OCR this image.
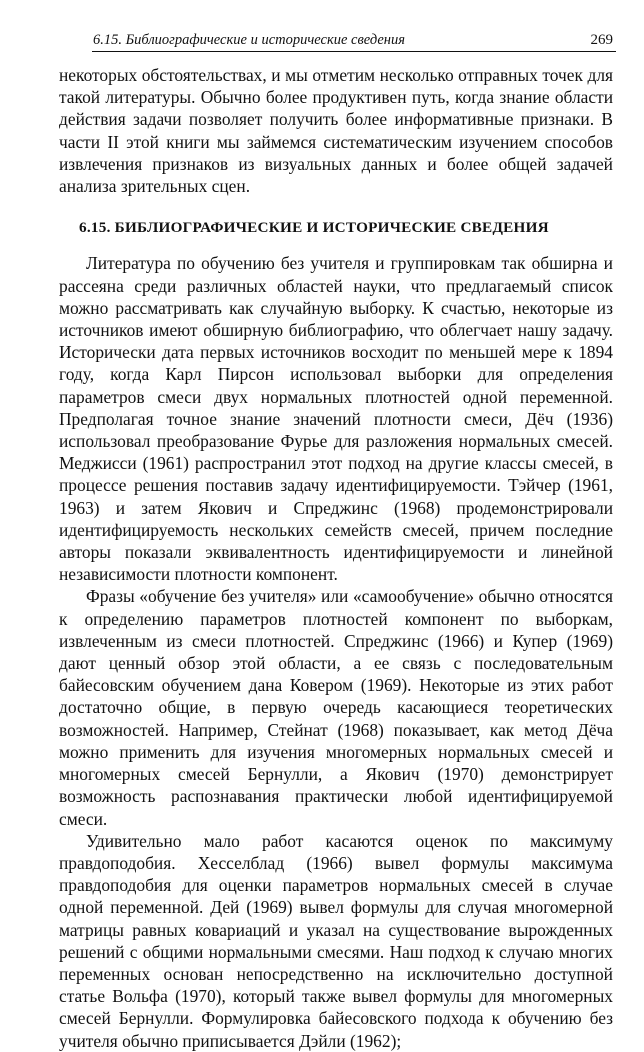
6.15. Библиографические и исторические сведения	269

некоторых обстоятельствах, и мы отметим несколько отправных точек для такой литературы. Обычно более продуктивен путь, когда знание области действия задачи позволяет получить более информативные признаки. В части II этой книги мы займемся систематическим изучением способов извлечения признаков из визуальных данных и более общей задачей анализа зрительных сцен.

6.15. БИБЛИОГРАФИЧЕСКИЕ И ИСТОРИЧЕСКИЕ СВЕДЕНИЯ

Литература по обучению без учителя и группировкам так обширна и рассеяна среди различных областей науки, что предлагаемый список можно рассматривать как случайную выборку. К счастью, некоторые из источников имеют обширную библиографию, что облегчает нашу задачу. Исторически дата первых источников восходит по меньшей мере к 1894 году, когда Карл Пирсон использовал выборки для определения параметров смеси двух нормальных плотностей одной переменной. Предполагая точное знание значений плотности смеси, Дёч (1936) использовал преобразование Фурье для разложения нормальных смесей. Меджисси (1961) распространил этот подход на другие классы смесей, в процессе решения поставив задачу идентифицируемости. Тэйчер (1961, 1963) и затем Якович и Спреджинс (1968) продемонстрировали идентифицируемость нескольких семейств смесей, причем последние авторы показали эквивалентность идентифицируемости и линейной независимости плотности компонент.

Фразы «обучение без учителя» или «самообучение» обычно относятся к определению параметров плотностей компонент по выборкам, извлеченным из смеси плотностей. Спреджинс (1966) и Купер (1969) дают ценный обзор этой области, а ее связь с последовательным байесовским обучением дана Ковером (1969). Некоторые из этих работ достаточно общие, в первую очередь касающиеся теоретических возможностей. Например, Стейнат (1968) показывает, как метод Дёча можно применить для изучения многомерных нормальных смесей и многомерных смесей Бернулли, а Якович (1970) демонстрирует возможность распознавания практически любой идентифицируемой смеси.

Удивительно мало работ касаются оценок по максимуму правдоподобия. Хесселблад (1966) вывел формулы максимума правдоподобия для оценки параметров нормальных смесей в случае одной переменной. Дей (1969) вывел формулы для случая многомерной матрицы равных ковариаций и указал на существование вырожденных решений с общими нормальными смесями. Наш подход к случаю многих переменных основан непосредственно на исключительно доступной статье Вольфа (1970), который также вывел формулы для многомерных смесей Бернулли. Формулировка байесовского подхода к обучению без учителя обычно приписывается Дэйли (1962);
